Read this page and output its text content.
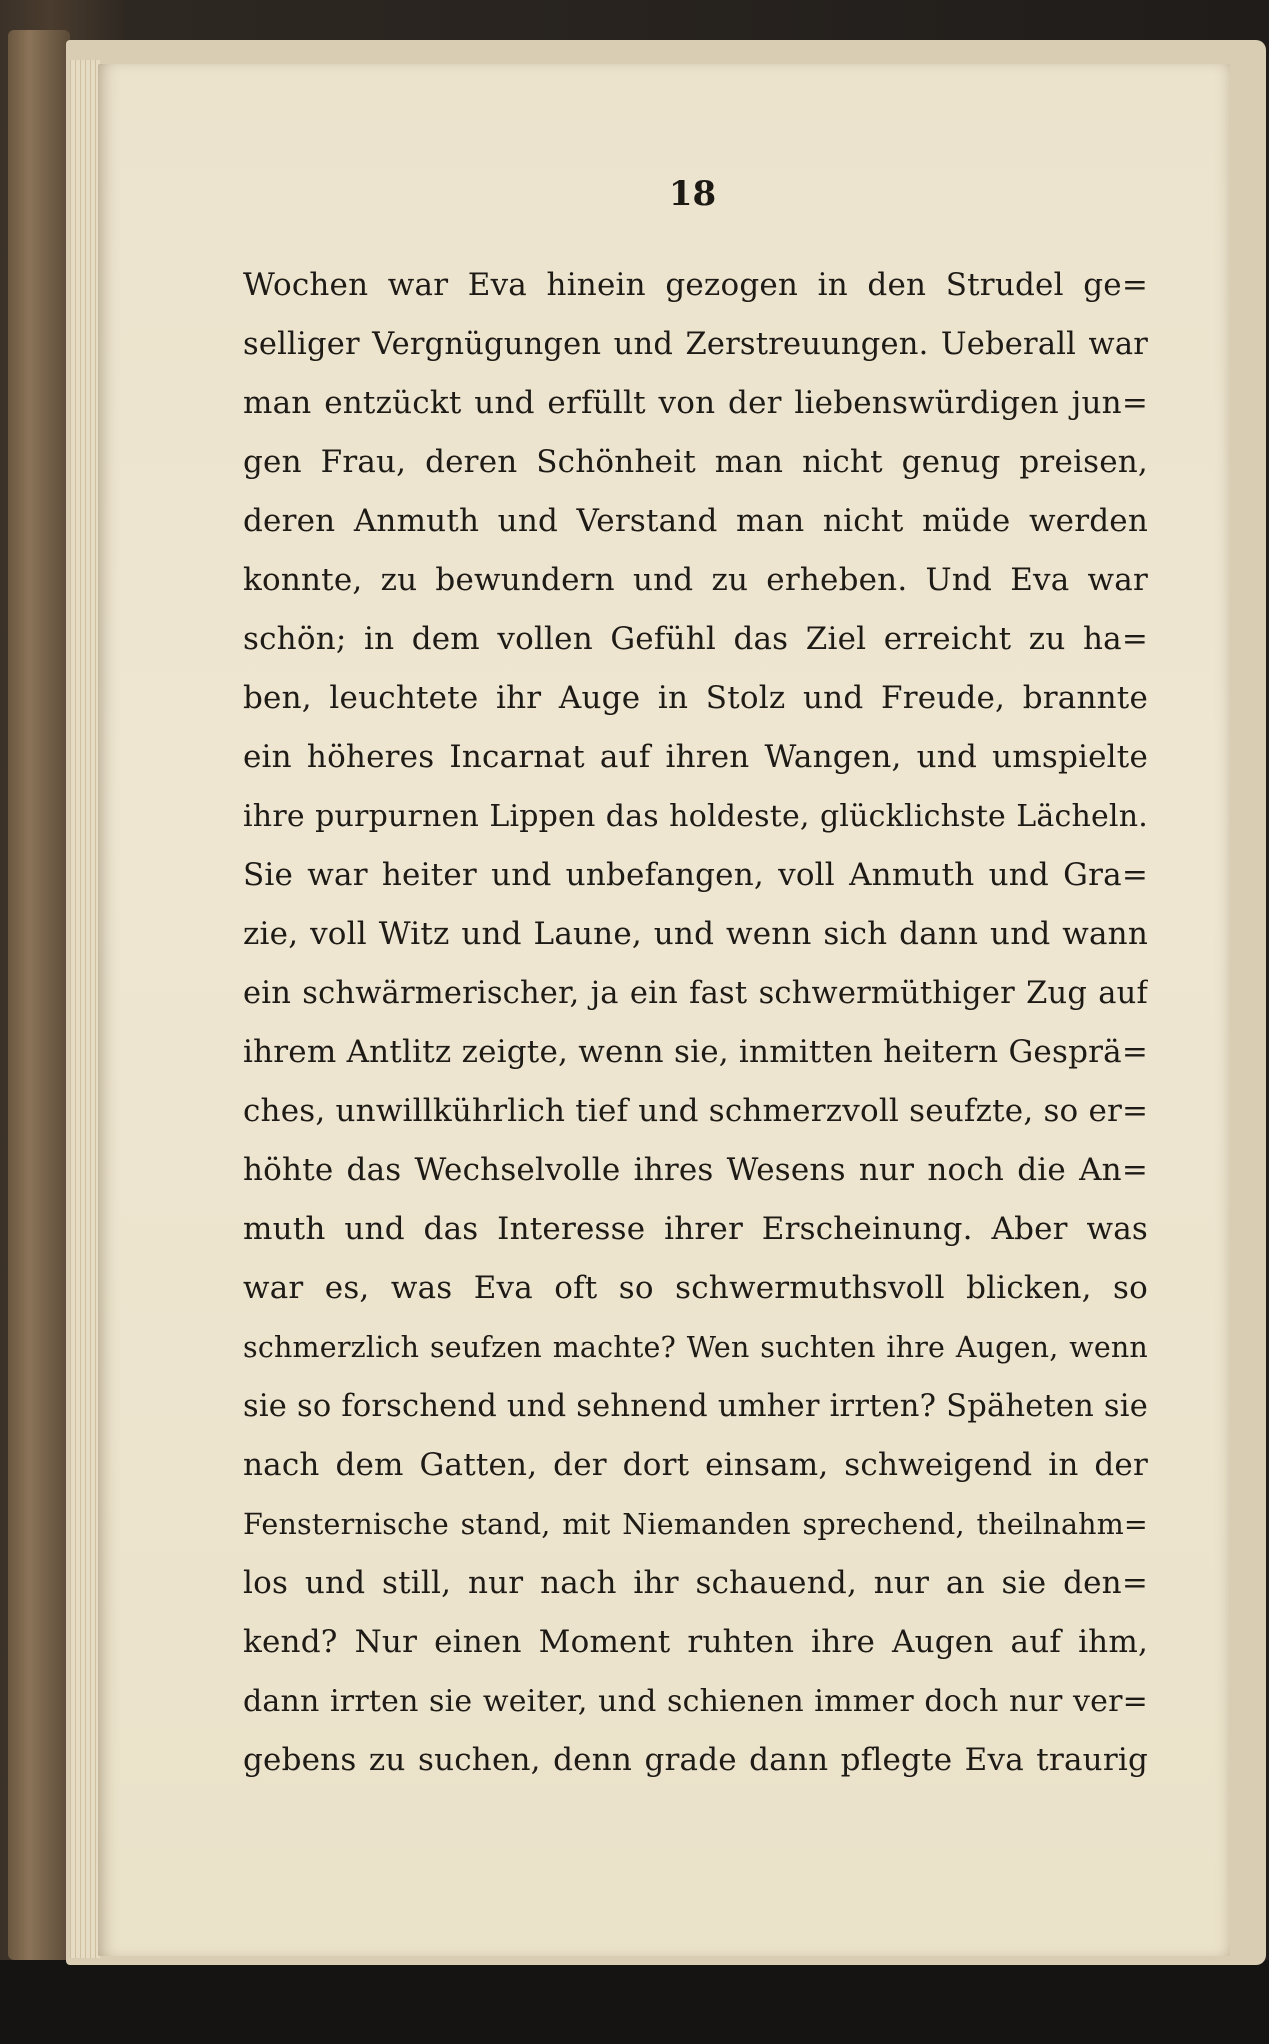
18
Wochen war Eva hinein gezogen in den Strudel ge=
selliger Vergnügungen und Zerstreuungen. Ueberall war
man entzückt und erfüllt von der liebenswürdigen jun=
gen Frau, deren Schönheit man nicht genug preisen,
deren Anmuth und Verstand man nicht müde werden
konnte, zu bewundern und zu erheben. Und Eva war
schön; in dem vollen Gefühl das Ziel erreicht zu ha=
ben, leuchtete ihr Auge in Stolz und Freude, brannte
ein höheres Incarnat auf ihren Wangen, und umspielte
ihre purpurnen Lippen das holdeste, glücklichste Lächeln.
Sie war heiter und unbefangen, voll Anmuth und Gra=
zie, voll Witz und Laune, und wenn sich dann und wann
ein schwärmerischer, ja ein fast schwermüthiger Zug auf
ihrem Antlitz zeigte, wenn sie, inmitten heitern Gesprä=
ches, unwillkührlich tief und schmerzvoll seufzte, so er=
höhte das Wechselvolle ihres Wesens nur noch die An=
muth und das Interesse ihrer Erscheinung. Aber was
war es, was Eva oft so schwermuthsvoll blicken, so
schmerzlich seufzen machte? Wen suchten ihre Augen, wenn
sie so forschend und sehnend umher irrten? Späheten sie
nach dem Gatten, der dort einsam, schweigend in der
Fensternische stand, mit Niemanden sprechend, theilnahm=
los und still, nur nach ihr schauend, nur an sie den=
kend? Nur einen Moment ruhten ihre Augen auf ihm,
dann irrten sie weiter, und schienen immer doch nur ver=
gebens zu suchen, denn grade dann pflegte Eva traurig
